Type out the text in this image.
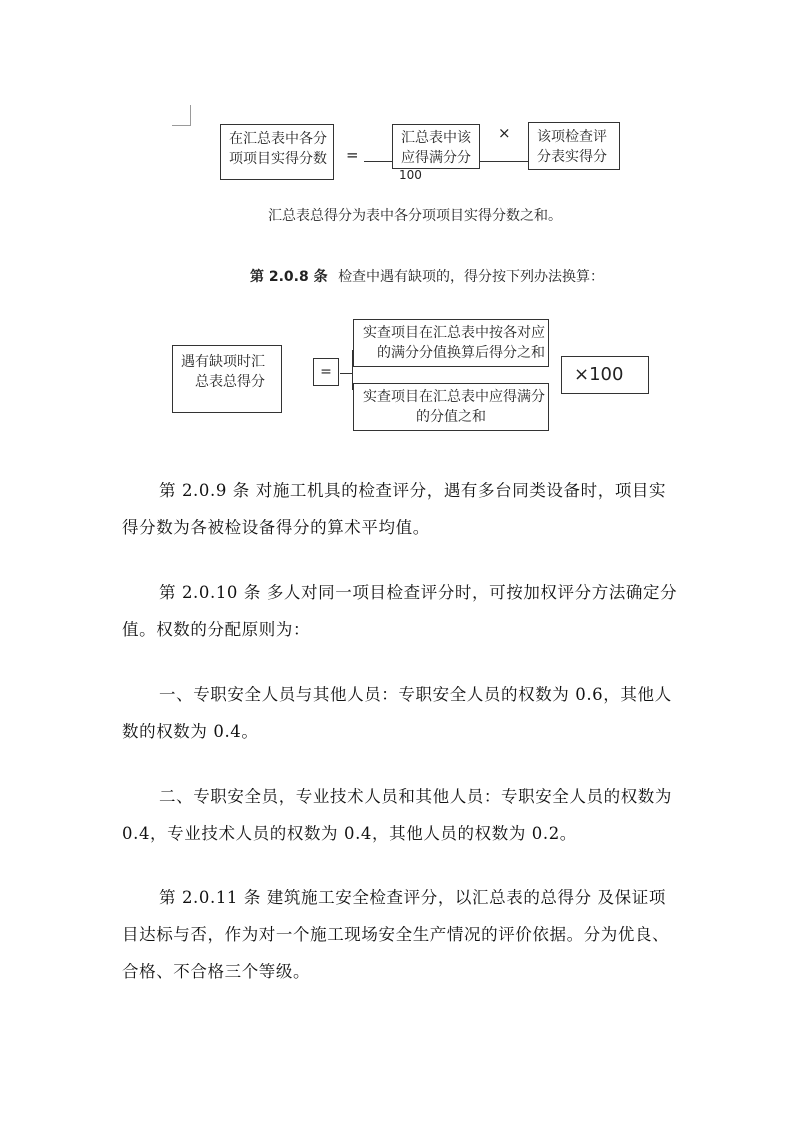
在汇总表中各分
项项目实得分数	=
汇总表中该
应得满分分
100
× 该项检查评
分表实得分
汇总表总得分为表中各分项项目实得分数之和。
第 2.0.8 条 检查中遇有缺项的，得分按下列办法换算：
遇有缺项时汇
总表总得分
=
实查项目在汇总表中按各对应
的满分分值换算后得分之和
实查项目在汇总表中应得满分
的分值之和
×100

第 2.0.9 条 对施工机具的检查评分，遇有多台同类设备时，项目实得分数为各被检设备得分的算术平均值。

第 2.0.10 条 多人对同一项目检查评分时，可按加权评分方法确定分值。权数的分配原则为：

一、专职安全人员与其他人员：专职安全人员的权数为 0.6，其他人数的权数为 0.4。

二、专职安全员，专业技术人员和其他人员：专职安全人员的权数为 0.4，专业技术人员的权数为 0.4，其他人员的权数为 0.2。

第 2.0.11 条 建筑施工安全检查评分，以汇总表的总得分 及保证项目达标与否，作为对一个施工现场安全生产情况的评价依据。分为优良、合格、不合格三个等级。
